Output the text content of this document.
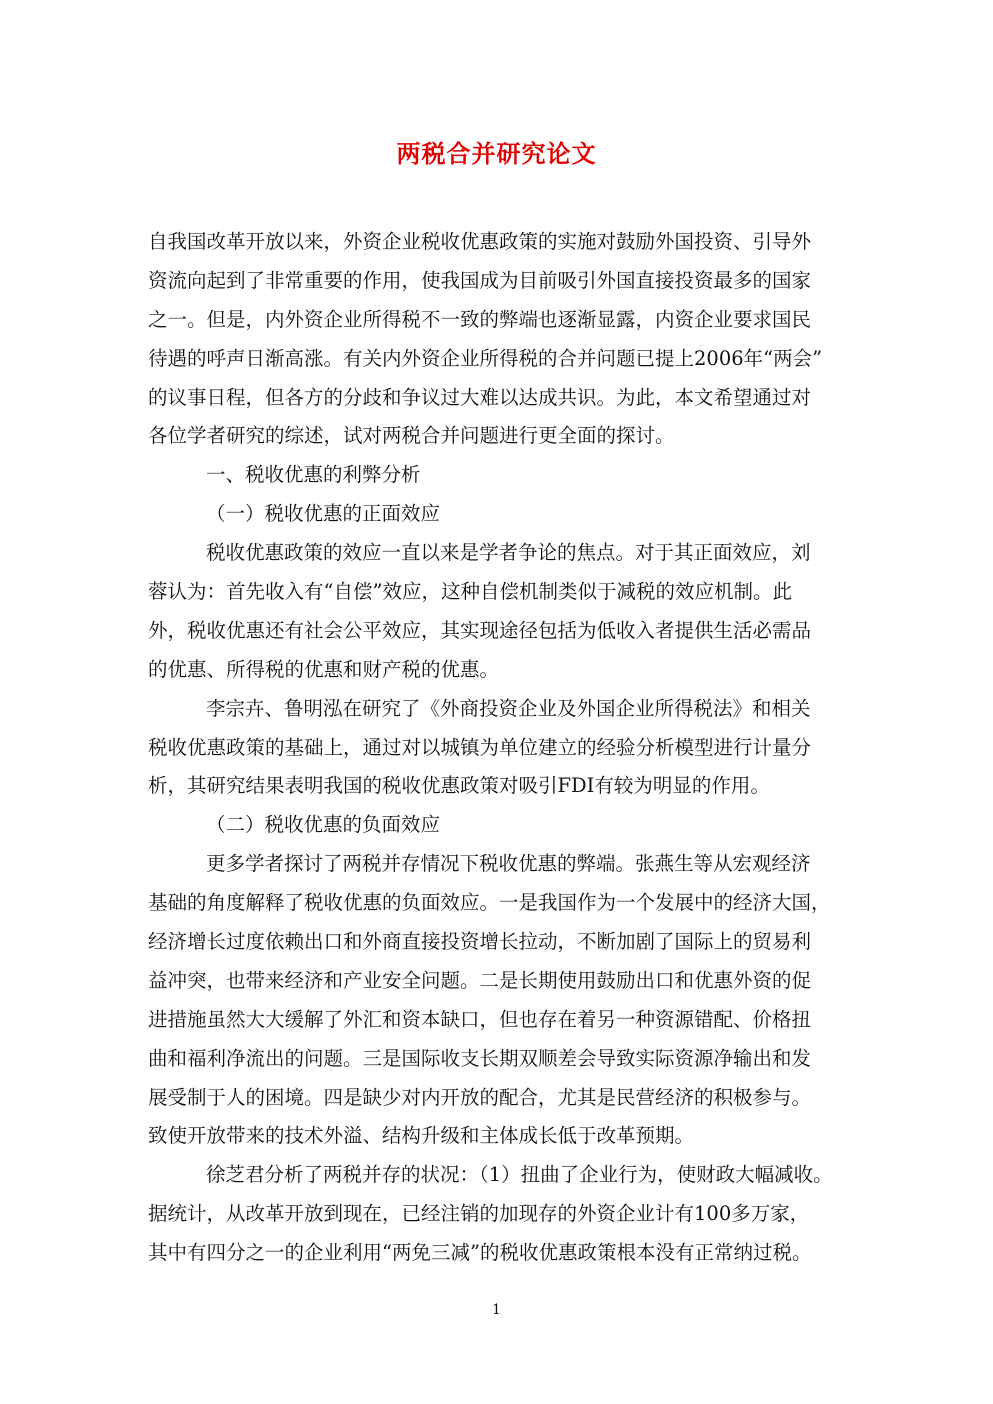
两税合并研究论文
自我国改革开放以来，外资企业税收优惠政策的实施对鼓励外国投资、引导外
资流向起到了非常重要的作用，使我国成为目前吸引外国直接投资最多的国家
之一。但是，内外资企业所得税不一致的弊端也逐渐显露，内资企业要求国民
待遇的呼声日渐高涨。有关内外资企业所得税的合并问题已提上2006年“两会”
的议事日程，但各方的分歧和争议过大难以达成共识。为此，本文希望通过对
各位学者研究的综述，试对两税合并问题进行更全面的探讨。
一、税收优惠的利弊分析
（一）税收优惠的正面效应
税收优惠政策的效应一直以来是学者争论的焦点。对于其正面效应，刘
蓉认为：首先收入有“自偿”效应，这种自偿机制类似于减税的效应机制。此
外，税收优惠还有社会公平效应，其实现途径包括为低收入者提供生活必需品
的优惠、所得税的优惠和财产税的优惠。
李宗卉、鲁明泓在研究了《外商投资企业及外国企业所得税法》和相关
税收优惠政策的基础上，通过对以城镇为单位建立的经验分析模型进行计量分
析，其研究结果表明我国的税收优惠政策对吸引FDI有较为明显的作用。
（二）税收优惠的负面效应
更多学者探讨了两税并存情况下税收优惠的弊端。张燕生等从宏观经济
基础的角度解释了税收优惠的负面效应。一是我国作为一个发展中的经济大国，
经济增长过度依赖出口和外商直接投资增长拉动，不断加剧了国际上的贸易利
益冲突，也带来经济和产业安全问题。二是长期使用鼓励出口和优惠外资的促
进措施虽然大大缓解了外汇和资本缺口，但也存在着另一种资源错配、价格扭
曲和福利净流出的问题。三是国际收支长期双顺差会导致实际资源净输出和发
展受制于人的困境。四是缺少对内开放的配合，尤其是民营经济的积极参与。
致使开放带来的技术外溢、结构升级和主体成长低于改革预期。
徐芝君分析了两税并存的状况：（1）扭曲了企业行为，使财政大幅减收。
据统计，从改革开放到现在，已经注销的加现存的外资企业计有100多万家，
其中有四分之一的企业利用“两免三减”的税收优惠政策根本没有正常纳过税。
1
